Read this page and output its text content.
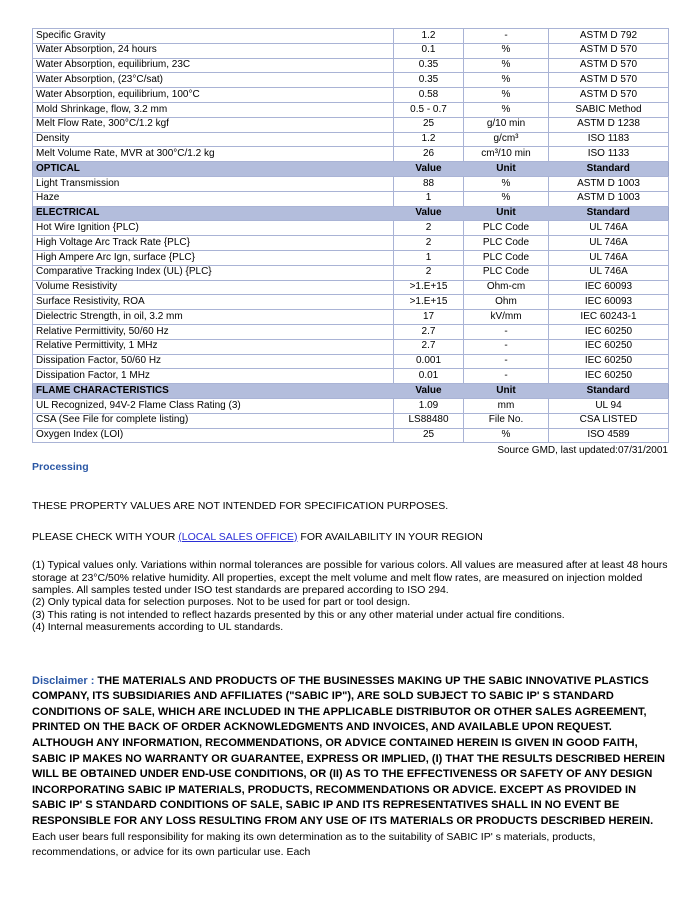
Specific Gravity	1.2	-	ASTM D 792
Water Absorption, 24 hours	0.1	%	ASTM D 570
Water Absorption, equilibrium, 23C	0.35	%	ASTM D 570
Water Absorption, (23°C/sat)	0.35	%	ASTM D 570
Water Absorption, equilibrium, 100°C	0.58	%	ASTM D 570
Mold Shrinkage, flow, 3.2 mm	0.5 - 0.7	%	SABIC Method
Melt Flow Rate, 300°C/1.2 kgf	25	g/10 min	ASTM D 1238
Density	1.2	g/cm³	ISO 1183
Melt Volume Rate, MVR at 300°C/1.2 kg	26	cm³/10 min	ISO 1133
OPTICAL	Value	Unit	Standard
Light Transmission	88	%	ASTM D 1003
Haze	1	%	ASTM D 1003
ELECTRICAL	Value	Unit	Standard
Hot Wire Ignition {PLC)	2	PLC Code	UL 746A
High Voltage Arc Track Rate {PLC}	2	PLC Code	UL 746A
High Ampere Arc Ign, surface {PLC}	1	PLC Code	UL 746A
Comparative Tracking Index (UL) {PLC}	2	PLC Code	UL 746A
Volume Resistivity	>1.E+15	Ohm-cm	IEC 60093
Surface Resistivity, ROA	>1.E+15	Ohm	IEC 60093
Dielectric Strength, in oil, 3.2 mm	17	kV/mm	IEC 60243-1
Relative Permittivity, 50/60 Hz	2.7	-	IEC 60250
Relative Permittivity, 1 MHz	2.7	-	IEC 60250
Dissipation Factor, 50/60 Hz	0.001	-	IEC 60250
Dissipation Factor, 1 MHz	0.01	-	IEC 60250
FLAME CHARACTERISTICS	Value	Unit	Standard
UL Recognized, 94V-2 Flame Class Rating (3)	1.09	mm	UL 94
CSA (See File for complete listing)	LS88480	File No.	CSA LISTED
Oxygen Index (LOI)	25	%	ISO 4589
Source GMD, last updated:07/31/2001
Processing

THESE PROPERTY VALUES ARE NOT INTENDED FOR SPECIFICATION PURPOSES.

PLEASE CHECK WITH YOUR (LOCAL SALES OFFICE) FOR AVAILABILITY IN YOUR REGION

(1) Typical values only. Variations within normal tolerances are possible for various colors. All values are measured after at least 48 hours storage at 23°C/50% relative humidity. All properties, except the melt volume and melt flow rates, are measured on injection molded samples. All samples tested under ISO test standards are prepared according to ISO 294.
(2) Only typical data for selection purposes. Not to be used for part or tool design.
(3) This rating is not intended to reflect hazards presented by this or any other material under actual fire conditions.
(4) Internal measurements according to UL standards.

Disclaimer : THE MATERIALS AND PRODUCTS OF THE BUSINESSES MAKING UP THE SABIC INNOVATIVE PLASTICS COMPANY, ITS SUBSIDIARIES AND AFFILIATES ("SABIC IP"), ARE SOLD SUBJECT TO SABIC IP' S STANDARD CONDITIONS OF SALE, WHICH ARE INCLUDED IN THE APPLICABLE DISTRIBUTOR OR OTHER SALES AGREEMENT, PRINTED ON THE BACK OF ORDER ACKNOWLEDGMENTS AND INVOICES, AND AVAILABLE UPON REQUEST. ALTHOUGH ANY INFORMATION, RECOMMENDATIONS, OR ADVICE CONTAINED HEREIN IS GIVEN IN GOOD FAITH, SABIC IP MAKES NO WARRANTY OR GUARANTEE, EXPRESS OR IMPLIED, (I) THAT THE RESULTS DESCRIBED HEREIN WILL BE OBTAINED UNDER END-USE CONDITIONS, OR (II) AS TO THE EFFECTIVENESS OR SAFETY OF ANY DESIGN INCORPORATING SABIC IP MATERIALS, PRODUCTS, RECOMMENDATIONS OR ADVICE. EXCEPT AS PROVIDED IN SABIC IP' S STANDARD CONDITIONS OF SALE, SABIC IP AND ITS REPRESENTATIVES SHALL IN NO EVENT BE RESPONSIBLE FOR ANY LOSS RESULTING FROM ANY USE OF ITS MATERIALS OR PRODUCTS DESCRIBED HEREIN. Each user bears full responsibility for making its own determination as to the suitability of SABIC IP' s materials, products, recommendations, or advice for its own particular use. Each
